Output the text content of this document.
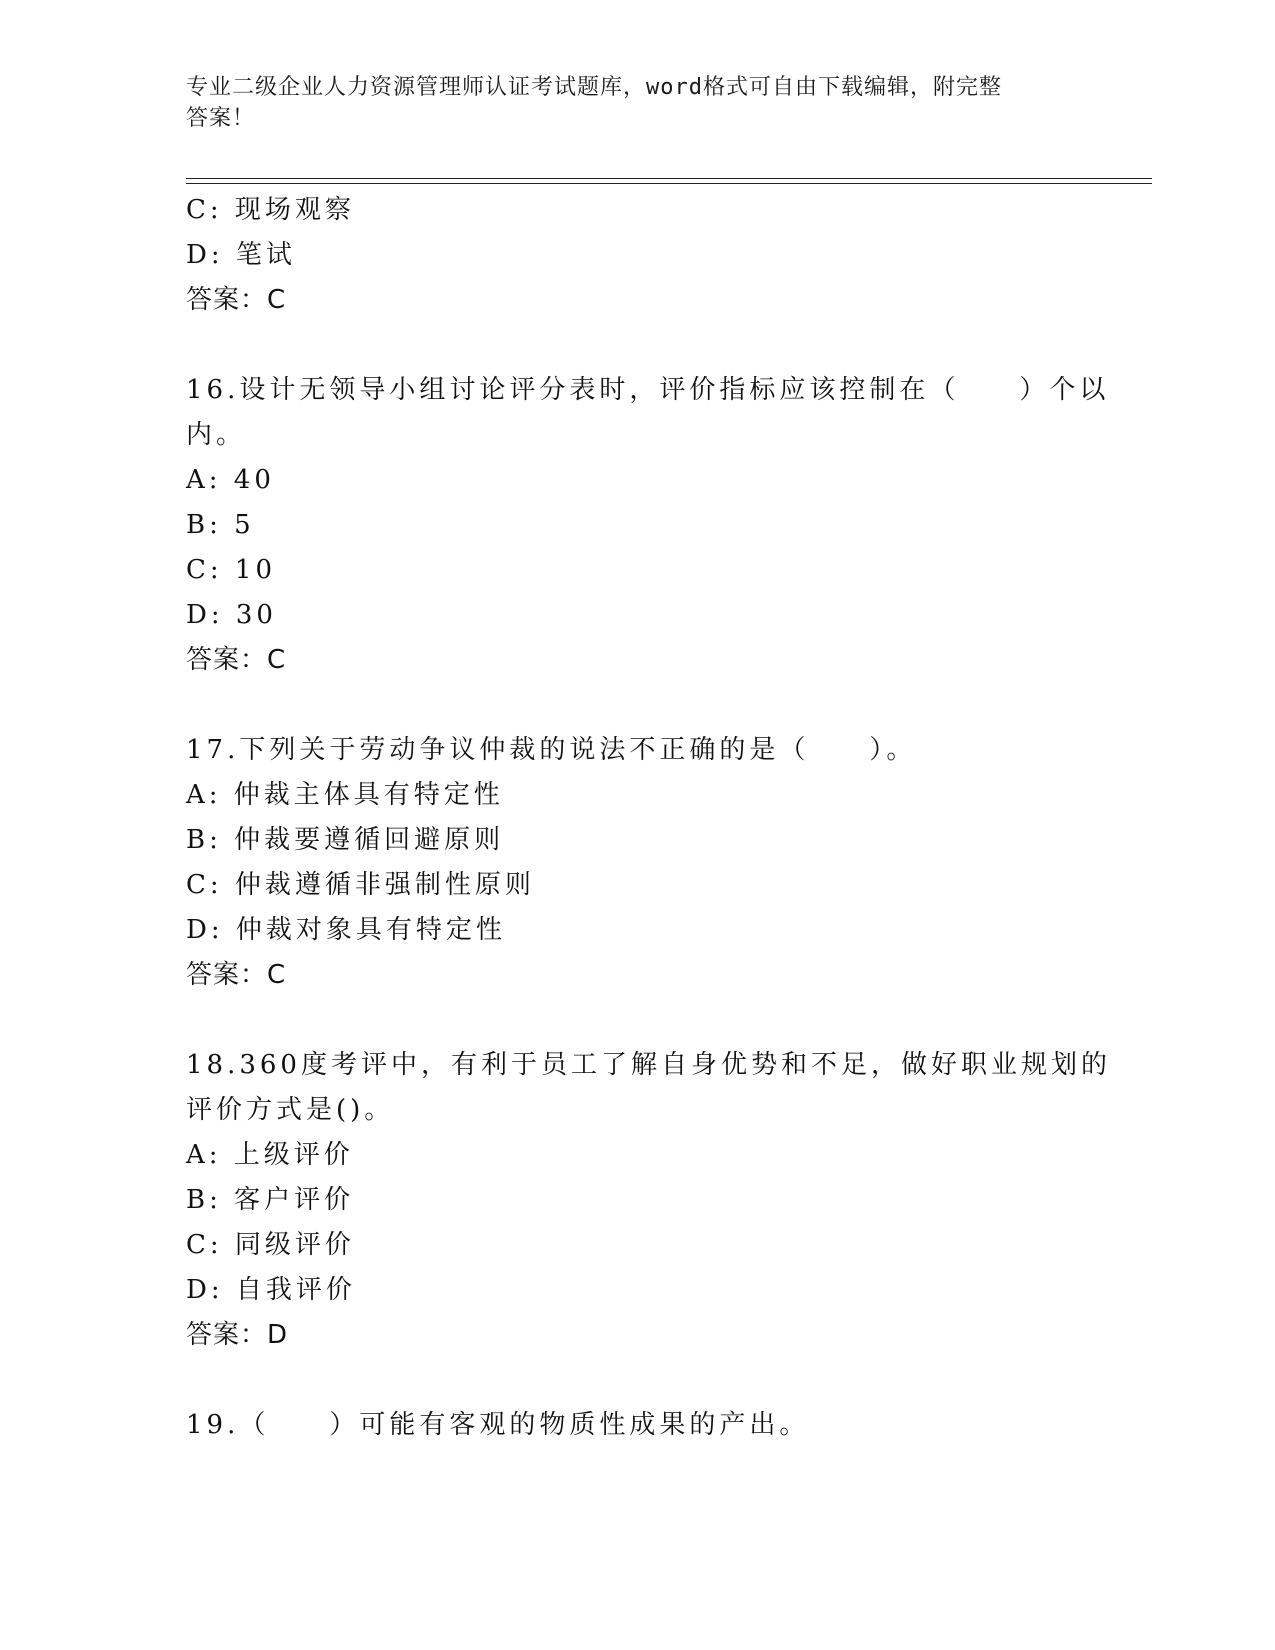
专业二级企业人力资源管理师认证考试题库，word格式可自由下载编辑，附完整
答案！
C: 现场观察
D: 笔试
答案：C
16.设计无领导小组讨论评分表时，评价指标应该控制在（　　）个以
内。
A: 40
B: 5
C: 10
D: 30
答案：C
17.下列关于劳动争议仲裁的说法不正确的是（　　）。
A: 仲裁主体具有特定性
B: 仲裁要遵循回避原则
C: 仲裁遵循非强制性原则
D: 仲裁对象具有特定性
答案：C
18.360度考评中，有利于员工了解自身优势和不足，做好职业规划的
评价方式是()。
A: 上级评价
B: 客户评价
C: 同级评价
D: 自我评价
答案：D
19.（　　）可能有客观的物质性成果的产出。
